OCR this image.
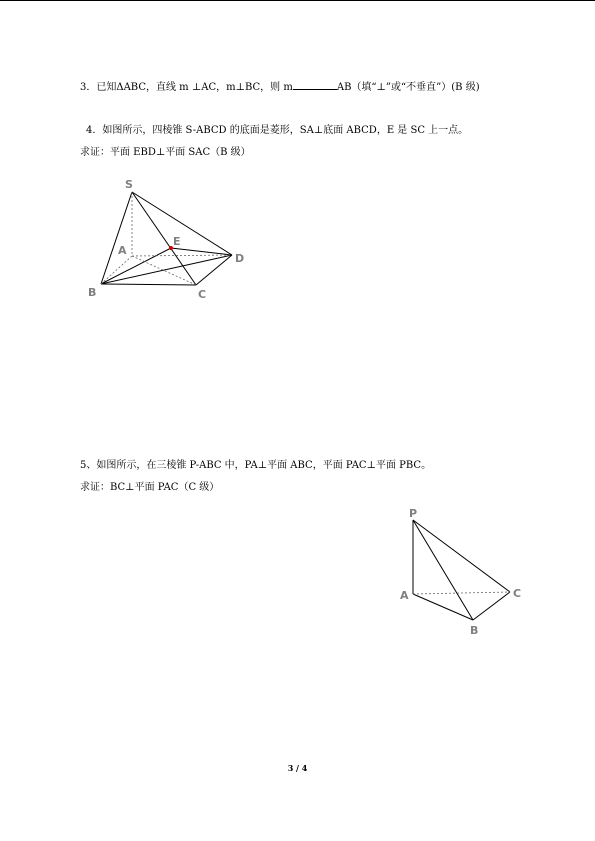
3．已知ΔABC，直线 m ⊥AC，m⊥BC，则 m	AB（填“⊥”或“不垂直”）(B 级)
4．如图所示，四棱锥 S-ABCD 的底面是菱形，SA⊥底面 ABCD，E 是 SC 上一点。
求证：平面 EBD⊥平面 SAC（B 级）
S
A
E
D
B	C
5、如图所示，在三棱锥 P-ABC 中，PA⊥平面 ABC，平面 PAC⊥平面 PBC。
求证：BC⊥平面 PAC（C 级）
P
A	C
B
3 / 4
